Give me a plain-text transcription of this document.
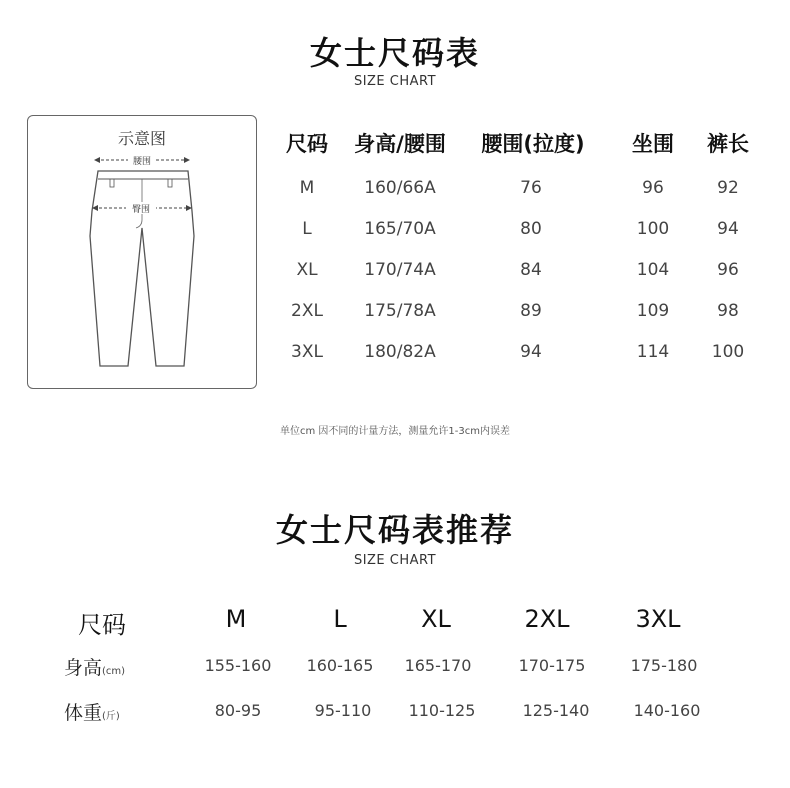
女士尺码表
SIZE CHART
示意图
腰围
臀围
尺码	身高/腰围	腰围(拉度)	坐围	裤长
M	160/66A	76	96	92
L	165/70A	80	100	94
XL	170/74A	84	104	96
2XL	175/78A	89	109	98
3XL	180/82A	94	114	100
单位cm 因不同的计量方法，测量允许1-3cm内误差
女士尺码表推荐
SIZE CHART
尺码	M	L	XL	2XL	3XL
身高(cm)	155-160	160-165	165-170	170-175	175-180
体重(斤)	80-95	95-110	110-125	125-140	140-160
